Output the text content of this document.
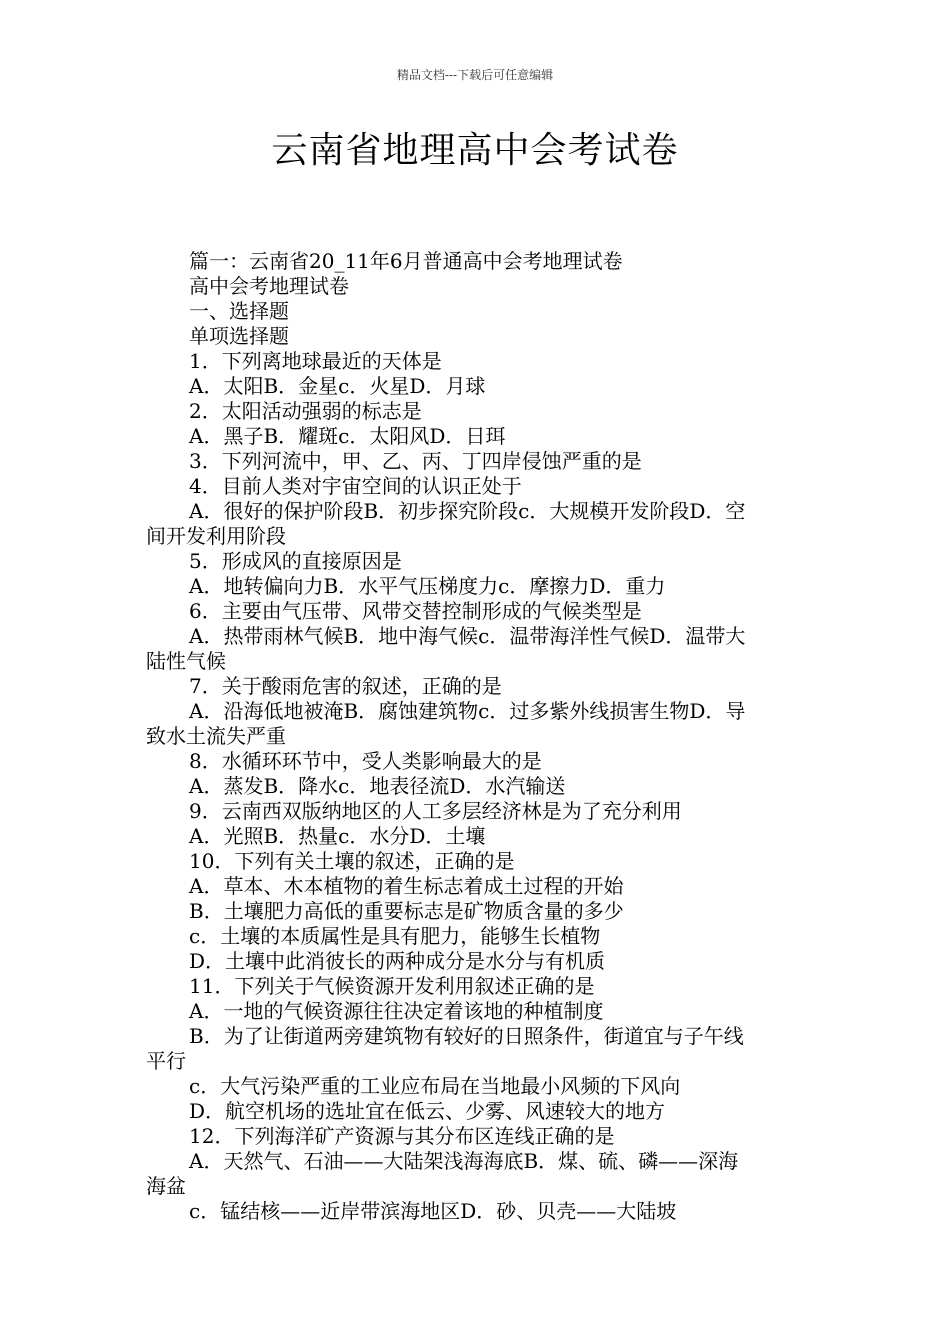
精品文档---下载后可任意编辑
云南省地理高中会考试卷
篇一：云南省20_11年6月普通高中会考地理试卷
高中会考地理试卷
一、选择题
单项选择题
1．下列离地球最近的天体是
A．太阳B．金星c．火星D．月球
2．太阳活动强弱的标志是
A．黑子B．耀斑c．太阳风D．日珥
3．下列河流中，甲、乙、丙、丁四岸侵蚀严重的是
4．目前人类对宇宙空间的认识正处于
A．很好的保护阶段B．初步探究阶段c．大规模开发阶段D．空
间开发利用阶段
5．形成风的直接原因是
A．地转偏向力B．水平气压梯度力c．摩擦力D．重力
6．主要由气压带、风带交替控制形成的气候类型是
A．热带雨林气候B．地中海气候c．温带海洋性气候D．温带大
陆性气候
7．关于酸雨危害的叙述，正确的是
A．沿海低地被淹B．腐蚀建筑物c．过多紫外线损害生物D．导
致水土流失严重
8．水循环环节中，受人类影响最大的是
A．蒸发B．降水c．地表径流D．水汽输送
9．云南西双版纳地区的人工多层经济林是为了充分利用
A．光照B．热量c．水分D．土壤
10．下列有关土壤的叙述，正确的是
A．草本、木本植物的着生标志着成土过程的开始
B．土壤肥力高低的重要标志是矿物质含量的多少
c．土壤的本质属性是具有肥力，能够生长植物
D．土壤中此消彼长的两种成分是水分与有机质
11．下列关于气候资源开发利用叙述正确的是
A．一地的气候资源往往决定着该地的种植制度
B．为了让街道两旁建筑物有较好的日照条件，街道宜与子午线
平行
c．大气污染严重的工业应布局在当地最小风频的下风向
D．航空机场的选址宜在低云、少雾、风速较大的地方
12．下列海洋矿产资源与其分布区连线正确的是
A．天然气、石油——大陆架浅海海底B．煤、硫、磷——深海
海盆
c．锰结核——近岸带滨海地区D．砂、贝壳——大陆坡
